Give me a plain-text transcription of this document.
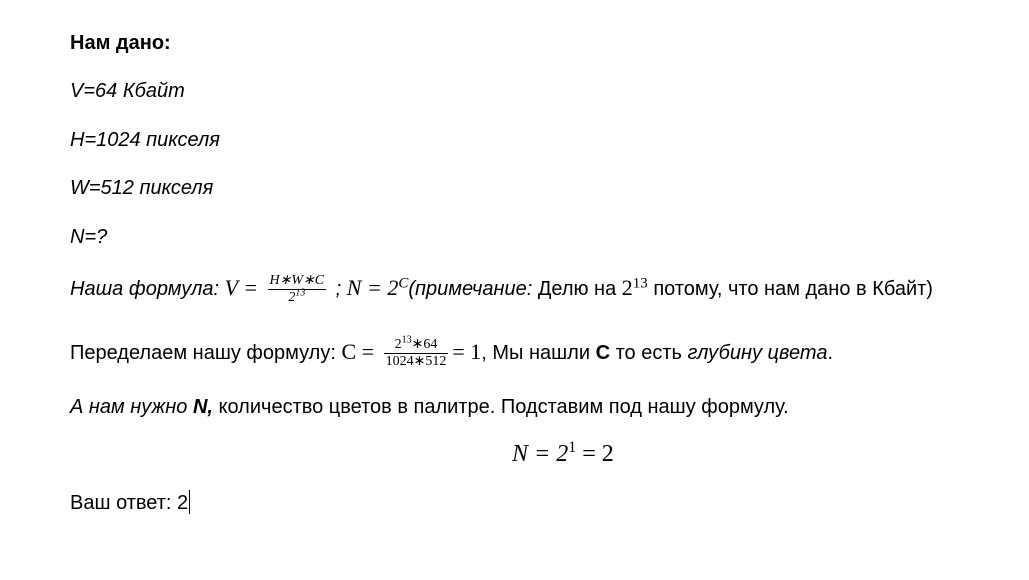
Нам дано:
V=64 Кбайт
H=1024 пикселя
W=512 пикселя
N=?
Наша формула: $V = \frac{H∗W∗C}{2^{13}}$ ; $N = 2^C(примечание$: Делю на $2^{13}$ потому, что нам дано в Кбайт)
Переделаем нашу формулу: $C = \frac{2^{13}∗64}{1024∗512} = 1$, Мы нашли C то есть глубину цвета.
А нам нужно N, количество цветов в палитре. Подставим под нашу формулу.
$N = 2^1 = 2$
Ваш ответ: 2
